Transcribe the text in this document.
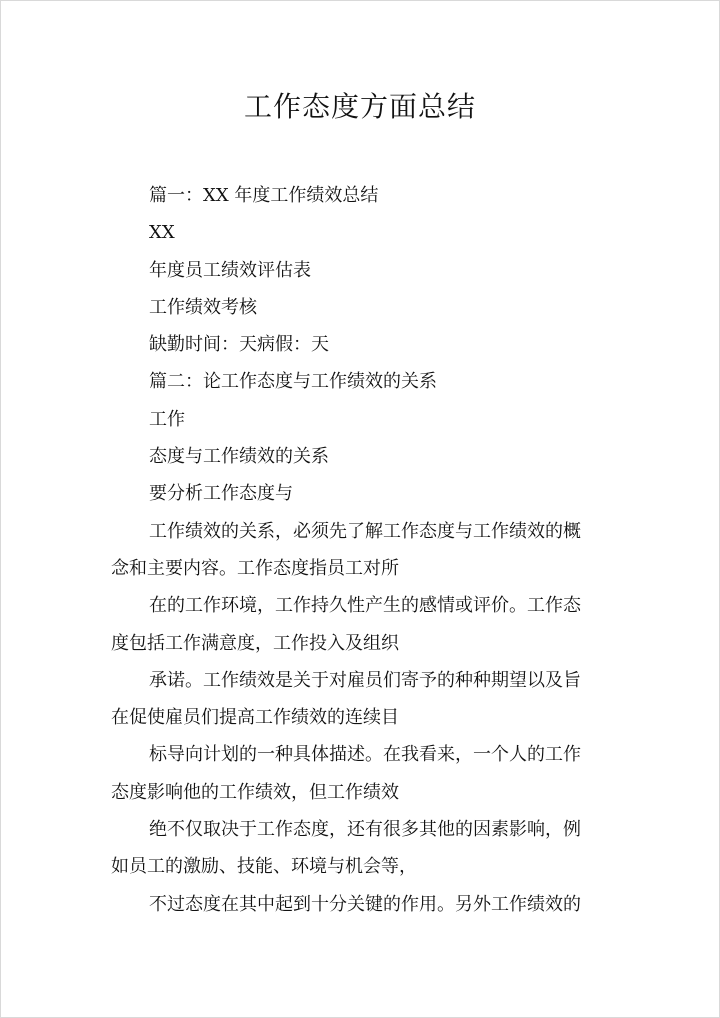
工作态度方面总结
篇一：XX 年度工作绩效总结
XX
年度员工绩效评估表
工作绩效考核
缺勤时间：天病假：天
篇二：论工作态度与工作绩效的关系
工作
态度与工作绩效的关系
要分析工作态度与
工作绩效的关系，必须先了解工作态度与工作绩效的概
念和主要内容。工作态度指员工对所
在的工作环境，工作持久性产生的感情或评价。工作态
度包括工作满意度，工作投入及组织
承诺。工作绩效是关于对雇员们寄予的种种期望以及旨
在促使雇员们提高工作绩效的连续目
标导向计划的一种具体描述。在我看来，一个人的工作
态度影响他的工作绩效，但工作绩效
绝不仅取决于工作态度，还有很多其他的因素影响，例
如员工的激励、技能、环境与机会等，
不过态度在其中起到十分关键的作用。另外工作绩效的
